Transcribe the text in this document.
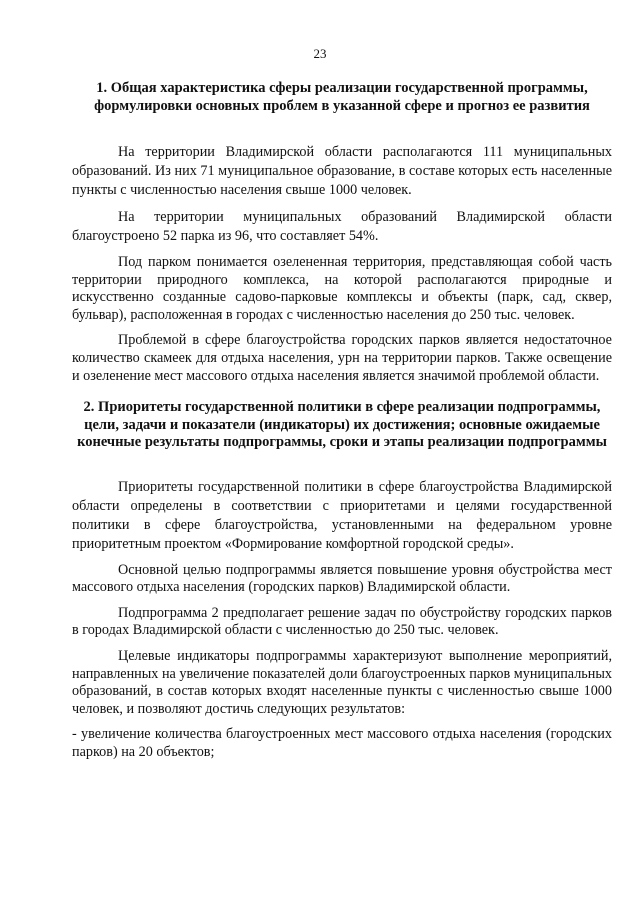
23

1. Общая характеристика сферы реализации государственной программы, формулировки основных проблем в указанной сфере и прогноз ее развития

На территории Владимирской области располагаются 111 муниципальных образований. Из них 71 муниципальное образование, в составе которых есть населенные пункты с численностью населения свыше 1000 человек.

На территории муниципальных образований Владимирской области благоустроено 52 парка из 96, что составляет 54%.

Под парком понимается озелененная территория, представляющая собой часть территории природного комплекса, на которой располагаются природные и искусственно созданные садово-парковые комплексы и объекты (парк, сад, сквер, бульвар), расположенная в городах с численностью населения до 250 тыс. человек.

Проблемой в сфере благоустройства городских парков является недостаточное количество скамеек для отдыха населения, урн на территории парков. Также освещение и озеленение мест массового отдыха населения является значимой проблемой области.

2. Приоритеты государственной политики в сфере реализации подпрограммы, цели, задачи и показатели (индикаторы) их достижения; основные ожидаемые конечные результаты подпрограммы, сроки и этапы реализации подпрограммы

Приоритеты государственной политики в сфере благоустройства Владимирской области определены в соответствии с приоритетами и целями государственной политики в сфере благоустройства, установленными на федеральном уровне приоритетным проектом «Формирование комфортной городской среды».

Основной целью подпрограммы является повышение уровня обустройства мест массового отдыха населения (городских парков) Владимирской области.

Подпрограмма 2 предполагает решение задач по обустройству городских парков в городах Владимирской области с численностью до 250 тыс. человек.

Целевые индикаторы подпрограммы характеризуют выполнение мероприятий, направленных на увеличение показателей доли благоустроенных парков муниципальных образований, в состав которых входят населенные пункты с численностью свыше 1000 человек, и позволяют достичь следующих результатов:

- увеличение количества благоустроенных мест массового отдыха населения (городских парков) на 20 объектов;
